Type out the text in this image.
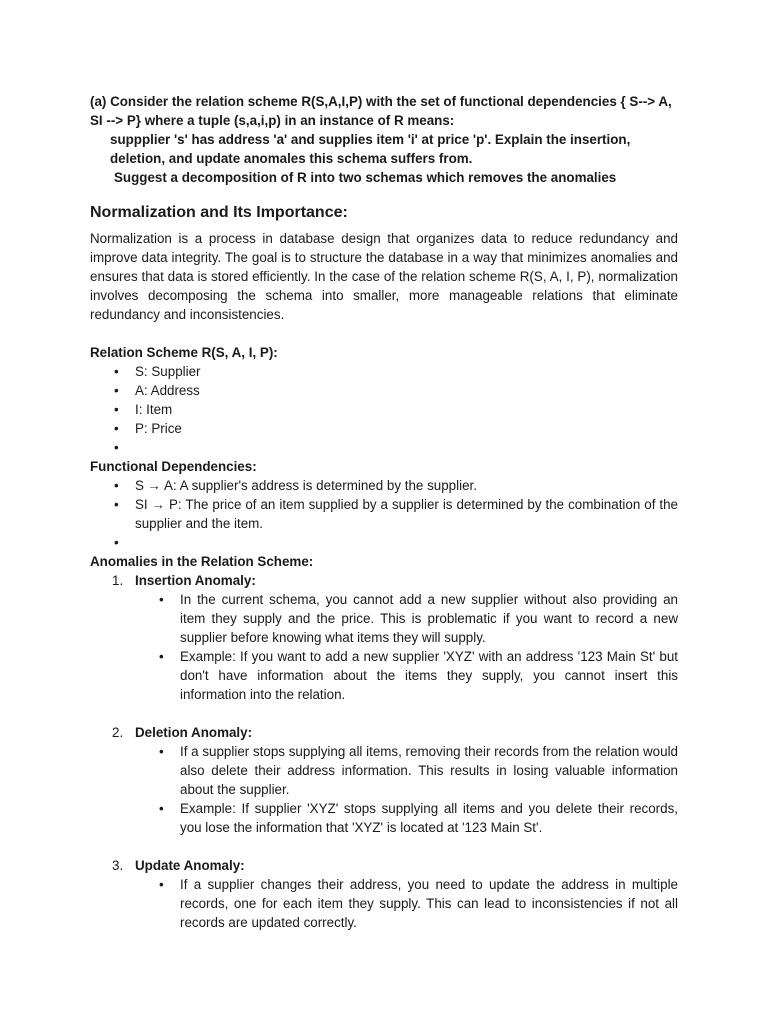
(a) Consider the relation scheme R(S,A,I,P) with the set of functional dependencies { S--> A, SI --> P} where a tuple (s,a,i,p) in an instance of R means:

suppplier 's' has address 'a' and supplies item 'i' at price 'p'. Explain the insertion, deletion, and update anomales this schema suffers from.

Suggest a decomposition of R into two schemas which removes the anomalies

Normalization and Its Importance:

Normalization is a process in database design that organizes data to reduce redundancy and improve data integrity. The goal is to structure the database in a way that minimizes anomalies and ensures that data is stored efficiently. In the case of the relation scheme R(S, A, I, P), normalization involves decomposing the schema into smaller, more manageable relations that eliminate redundancy and inconsistencies.

Relation Scheme R(S, A, I, P):

• S: Supplier
• A: Address
• I: Item
• P: Price
•

Functional Dependencies:

• S → A: A supplier's address is determined by the supplier.
• SI → P: The price of an item supplied by a supplier is determined by the combination of the supplier and the item.
•

Anomalies in the Relation Scheme:

1. Insertion Anomaly:
• In the current schema, you cannot add a new supplier without also providing an item they supply and the price. This is problematic if you want to record a new supplier before knowing what items they will supply.
• Example: If you want to add a new supplier 'XYZ' with an address '123 Main St' but don't have information about the items they supply, you cannot insert this information into the relation.
2. Deletion Anomaly:
• If a supplier stops supplying all items, removing their records from the relation would also delete their address information. This results in losing valuable information about the supplier.
• Example: If supplier 'XYZ' stops supplying all items and you delete their records, you lose the information that 'XYZ' is located at '123 Main St'.
3. Update Anomaly:
• If a supplier changes their address, you need to update the address in multiple records, one for each item they supply. This can lead to inconsistencies if not all records are updated correctly.
